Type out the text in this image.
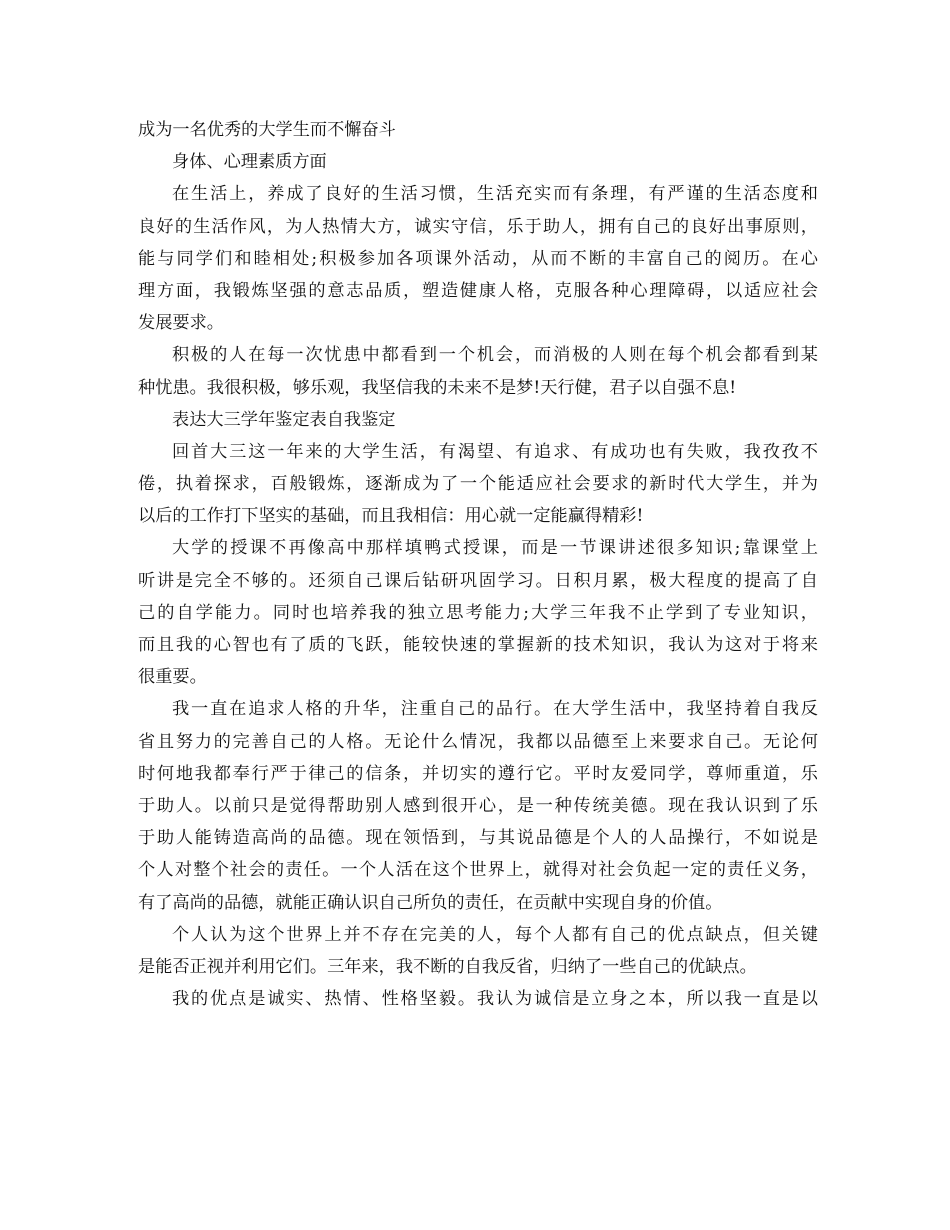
成为一名优秀的大学生而不懈奋斗
身体、心理素质方面
在生活上，养成了良好的生活习惯，生活充实而有条理，有严谨的生活态度和
良好的生活作风，为人热情大方，诚实守信，乐于助人，拥有自己的良好出事原则，
能与同学们和睦相处;积极参加各项课外活动，从而不断的丰富自己的阅历。在心
理方面，我锻炼坚强的意志品质，塑造健康人格，克服各种心理障碍，以适应社会
发展要求。
积极的人在每一次忧患中都看到一个机会，而消极的人则在每个机会都看到某
种忧患。我很积极，够乐观，我坚信我的未来不是梦!天行健，君子以自强不息!
表达大三学年鉴定表自我鉴定
回首大三这一年来的大学生活，有渴望、有追求、有成功也有失败，我孜孜不
倦，执着探求，百般锻炼，逐渐成为了一个能适应社会要求的新时代大学生，并为
以后的工作打下坚实的基础，而且我相信：用心就一定能赢得精彩!
大学的授课不再像高中那样填鸭式授课，而是一节课讲述很多知识;靠课堂上
听讲是完全不够的。还须自己课后钻研巩固学习。日积月累，极大程度的提高了自
己的自学能力。同时也培养我的独立思考能力;大学三年我不止学到了专业知识，
而且我的心智也有了质的飞跃，能较快速的掌握新的技术知识，我认为这对于将来
很重要。
我一直在追求人格的升华，注重自己的品行。在大学生活中，我坚持着自我反
省且努力的完善自己的人格。无论什么情况，我都以品德至上来要求自己。无论何
时何地我都奉行严于律己的信条，并切实的遵行它。平时友爱同学，尊师重道，乐
于助人。以前只是觉得帮助别人感到很开心，是一种传统美德。现在我认识到了乐
于助人能铸造高尚的品德。现在领悟到，与其说品德是个人的人品操行，不如说是
个人对整个社会的责任。一个人活在这个世界上，就得对社会负起一定的责任义务，
有了高尚的品德，就能正确认识自己所负的责任，在贡献中实现自身的价值。
个人认为这个世界上并不存在完美的人，每个人都有自己的优点缺点，但关键
是能否正视并利用它们。三年来，我不断的自我反省，归纳了一些自己的优缺点。
我的优点是诚实、热情、性格坚毅。我认为诚信是立身之本，所以我一直是以
